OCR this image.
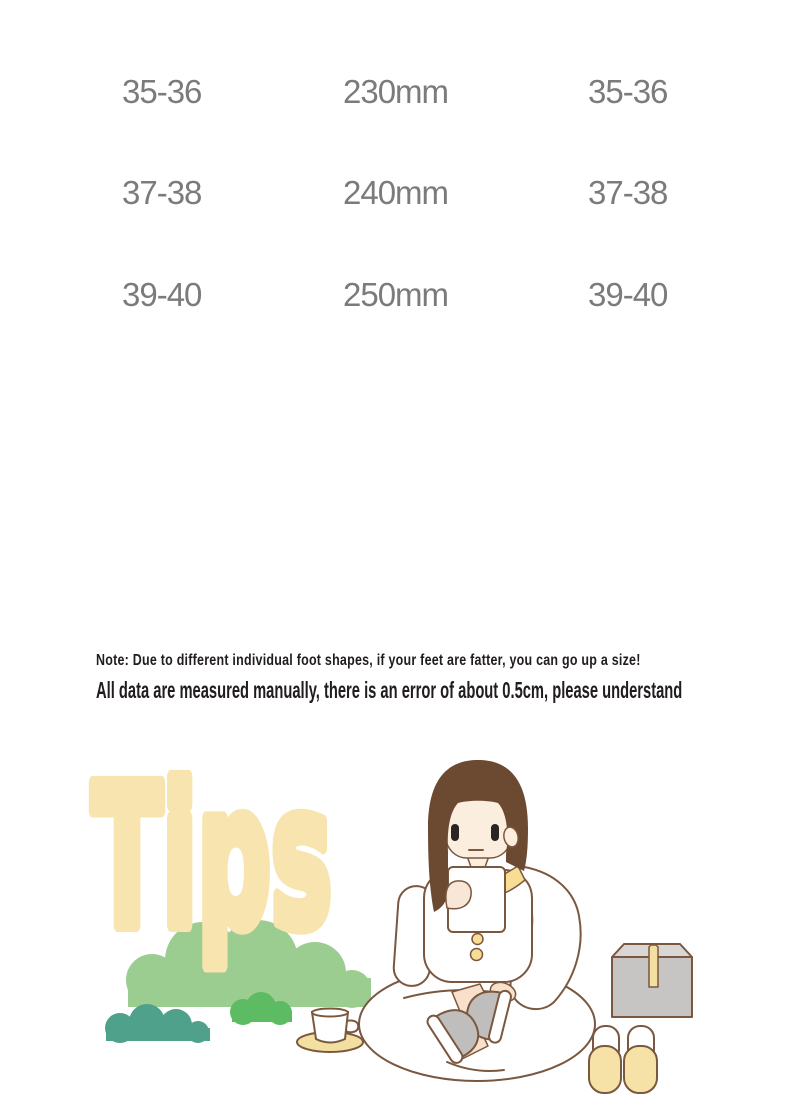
35-36	230mm	35-36
37-38	240mm	37-38
39-40	250mm	39-40
Note: Due to different individual foot shapes, if your feet are fatter, you can go up a size!
All data are measured manually, there is an error of about 0.5cm, please understand
Tips
